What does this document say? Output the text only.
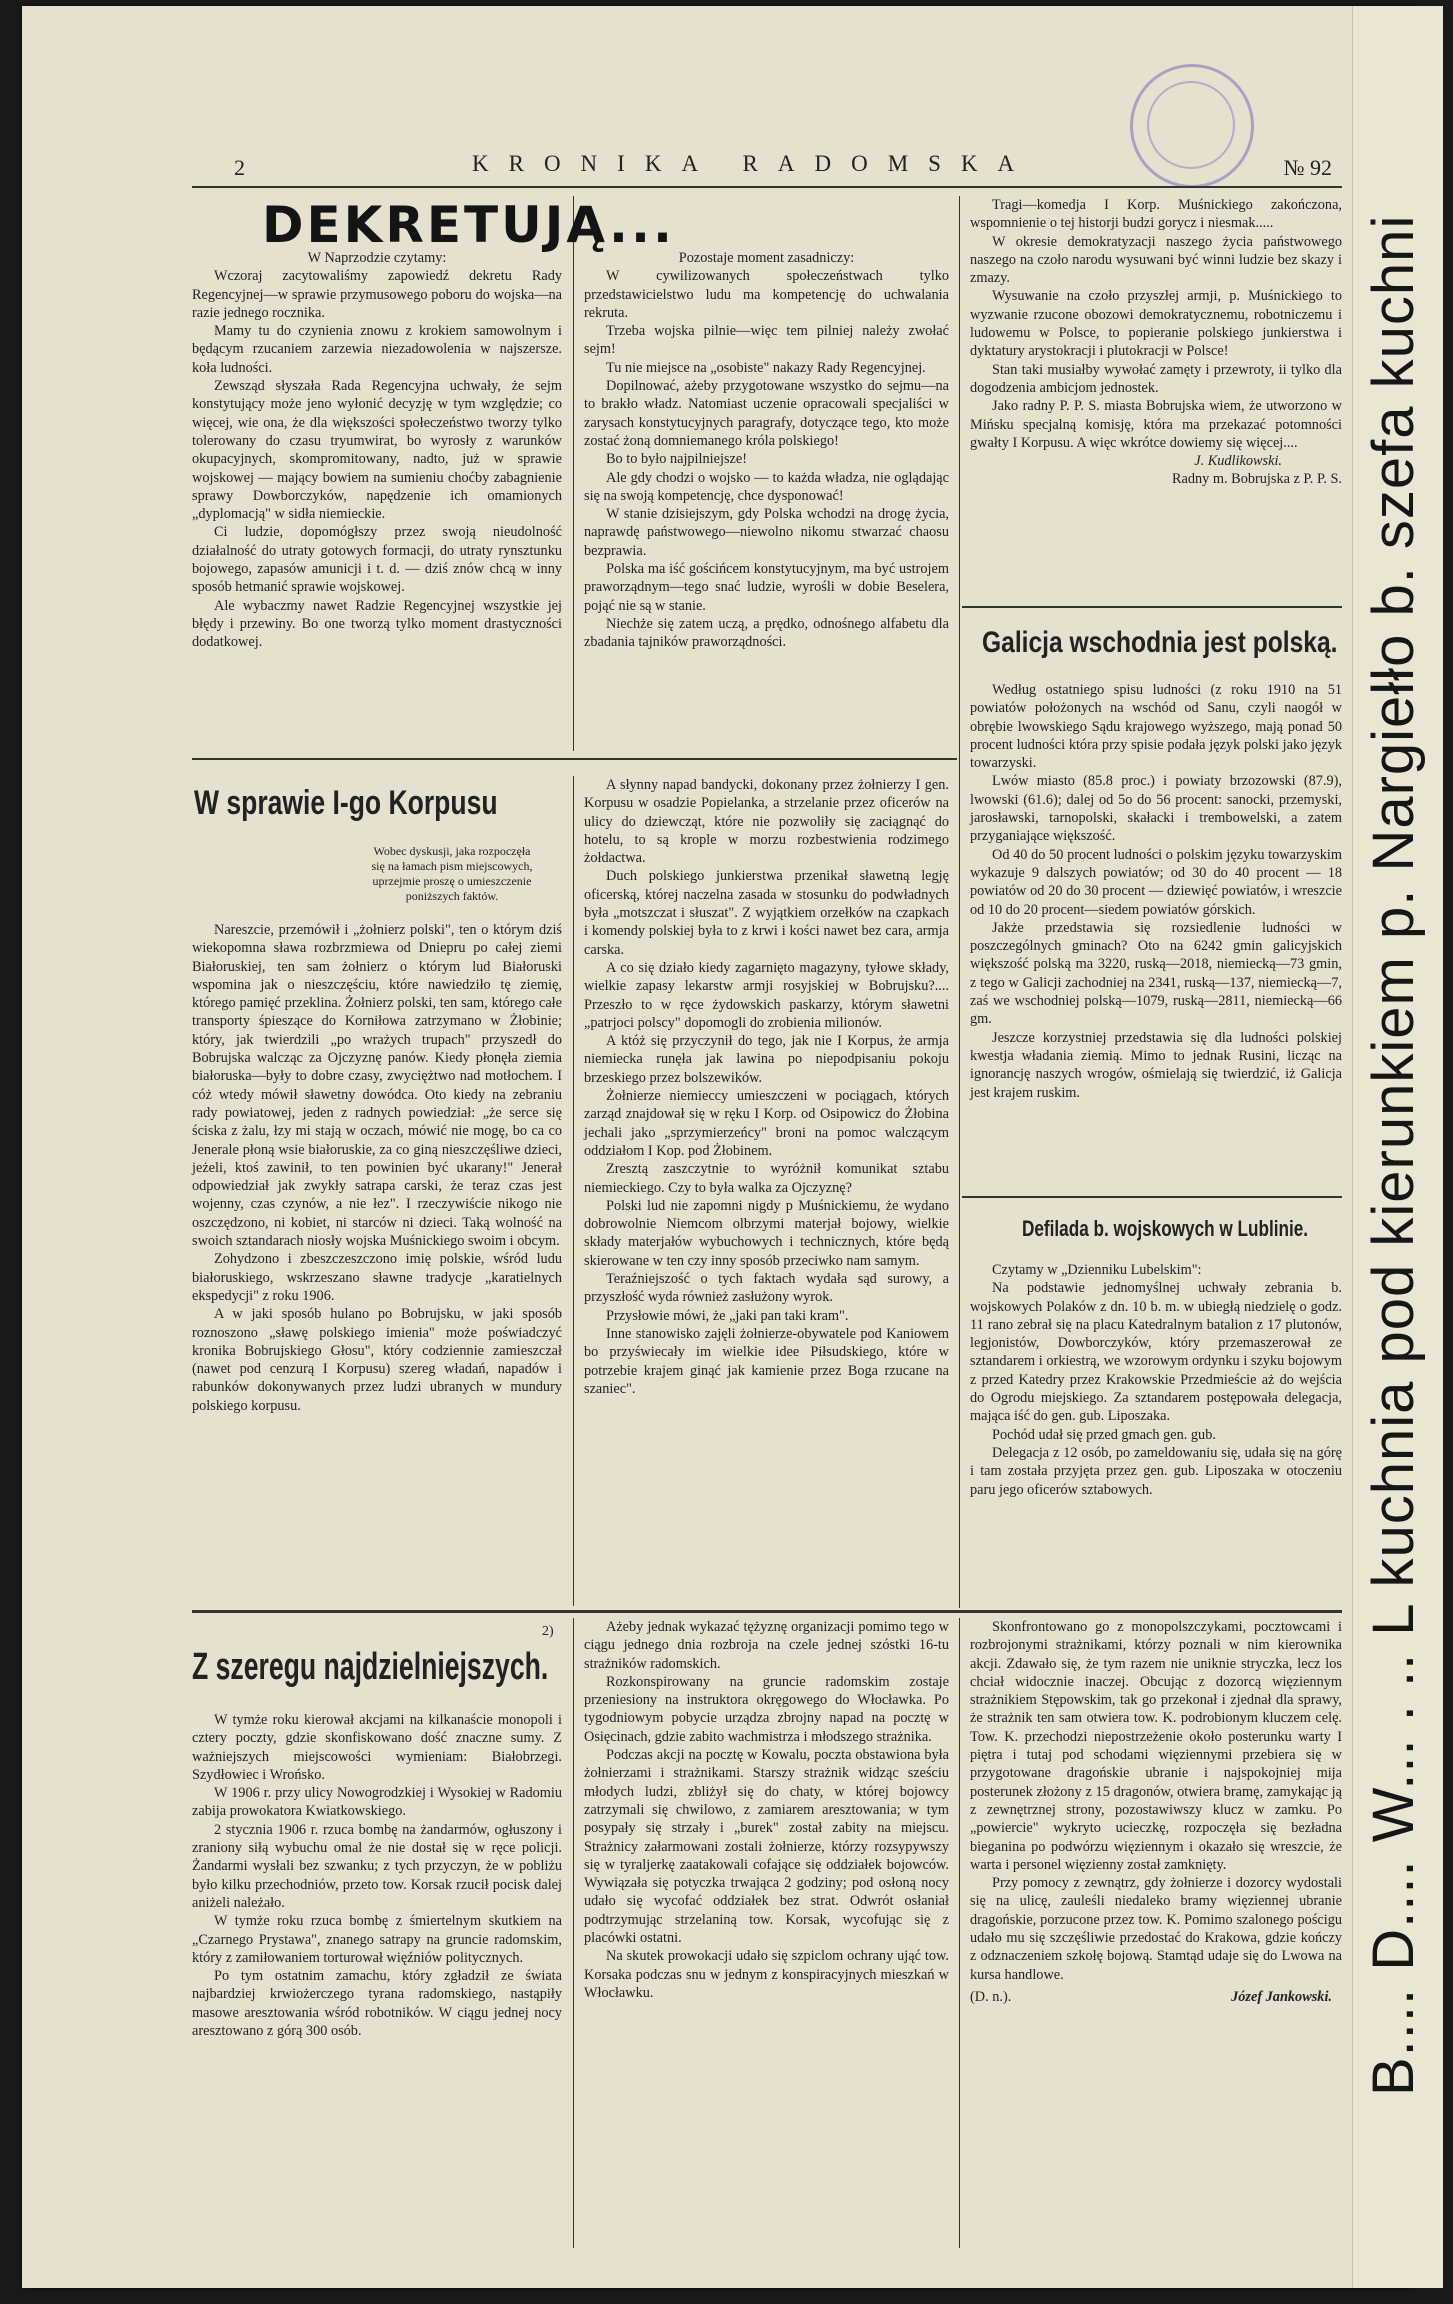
2	KRONIKA RADOMSKA	№ 92
DEKRETUJĄ...

W Naprzodzie czytamy:

Wczoraj zacytowaliśmy zapowiedź dekretu Rady Regencyjnej—w sprawie przymusowego poboru do wojska—na razie jednego rocznika.

Mamy tu do czynienia znowu z krokiem samowolnym i będącym rzucaniem zarzewia niezadowolenia w najszersze. koła ludności.

Zewsząd słyszała Rada Regencyjna uchwały, że sejm konstytujący może jeno wyłonić decyzję w tym względzie; co więcej, wie ona, że dla większości społeczeństwo tworzy tylko tolerowany do czasu tryumwirat, bo wyrosły z warunków okupacyjnych, skompromitowany, nadto, już w sprawie wojskowej — mający bowiem na sumieniu choćby zabagnienie sprawy Dowborczyków, napędzenie ich omamionych „dyplomacją" w sidła niemieckie.

Ci ludzie, dopomógłszy przez swoją nieudolność działalność do utraty gotowych formacji, do utraty rynsztunku bojowego, zapasów amunicji i t. d. — dziś znów chcą w inny sposób hetmanić sprawie wojskowej.

Ale wybaczmy nawet Radzie Regencyjnej wszystkie jej błędy i przewiny. Bo one tworzą tylko moment drastyczności dodatkowej.

Pozostaje moment zasadniczy:

W cywilizowanych społeczeństwach tylko przedstawicielstwo ludu ma kompetencję do uchwalania rekruta.

Trzeba wojska pilnie—więc tem pilniej należy zwołać sejm!

Tu nie miejsce na „osobiste" nakazy Rady Regencyjnej.

Dopilnować, ażeby przygotowane wszystko do sejmu—na to brakło władz. Natomiast uczenie opracowali specjaliści w zarysach konstytucyjnych paragrafy, dotyczące tego, kto może zostać żoną domniemanego króla polskiego!

Bo to było najpilniejsze!

Ale gdy chodzi o wojsko — to każda władza, nie oglądając się na swoją kompetencję, chce dysponować!

W stanie dzisiejszym, gdy Polska wchodzi na drogę życia, naprawdę państwowego—niewolno nikomu stwarzać chaosu bezprawia.

Polska ma iść gościńcem konstytucyjnym, ma być ustrojem praworządnym—tego snać ludzie, wyrośli w dobie Beselera, pojąć nie są w stanie.

Niechże się zatem uczą, a prędko, odnośnego alfabetu dla zbadania tajników praworządności.

Tragi—komedja I Korp. Muśnickiego zakończona, wspomnienie o tej historji budzi gorycz i niesmak.....

W okresie demokratyzacji naszego życia państwowego naszego na czoło narodu wysuwani być winni ludzie bez skazy i zmazy.

Wysuwanie na czoło przyszłej armji, p. Muśnickiego to wyzwanie rzucone obozowi demokratycznemu, robotniczemu i ludowemu w Polsce, to popieranie polskiego junkierstwa i dyktatury arystokracji i plutokracji w Polsce!

Stan taki musiałby wywołać zamęty i przewroty, ii tylko dla dogodzenia ambicjom jednostek.

Jako radny P. P. S. miasta Bobrujska wiem, że utworzono w Mińsku specjalną komisję, która ma przekazać potomności gwałty I Korpusu. A więc wkrótce dowiemy się więcej....

J. Kudlikowski.

Radny m. Bobrujska z P. P. S.

Galicja wschodnia jest polską.

Według ostatniego spisu ludności (z roku 1910 na 51 powiatów położonych na wschód od Sanu, czyli naogół w obrębie lwowskiego Sądu krajowego wyższego, mają ponad 50 procent ludności która przy spisie podała język polski jako język towarzyski.

Lwów miasto (85.8 proc.) i powiaty brzozowski (87.9), lwowski (61.6); dalej od 5o do 56 procent: sanocki, przemyski, jarosławski, tarnopolski, skałacki i trembowelski, a zatem przyganiające większość.

Od 40 do 50 procent ludności o polskim języku towarzyskim wykazuje 9 dalszych powiatów; od 30 do 40 procent — 18 powiatów od 20 do 30 procent — dziewięć powiatów, i wreszcie od 10 do 20 procent—siedem powiatów górskich.

Jakże przedstawia się rozsiedlenie ludności w poszczególnych gminach? Oto na 6242 gmin galicyjskich większość polską ma 3220, ruską—2018, niemiecką—73 gmin, z tego w Galicji zachodniej na 2341, ruską—137, niemiecką—7, zaś we wschodniej polską—1079, ruską—2811, niemiecką—66 gm.

Jeszcze korzystniej przedstawia się dla ludności polskiej kwestja władania ziemią. Mimo to jednak Rusini, licząc na ignorancję naszych wrogów, ośmielają się twierdzić, iż Galicja jest krajem ruskim.

Defilada b. wojskowych w Lublinie.

Czytamy w „Dzienniku Lubelskim":

Na podstawie jednomyślnej uchwały zebrania b. wojskowych Polaków z dn. 10 b. m. w ubiegłą niedzielę o godz. 11 rano zebrał się na placu Katedralnym batalion z 17 plutonów, legjonistów, Dowborczyków, który przemaszerował ze sztandarem i orkiestrą, we wzorowym ordynku i szyku bojowym z przed Katedry przez Krakowskie Przedmieście aż do wejścia do Ogrodu miejskiego. Za sztandarem postępowała delegacja, mająca iść do gen. gub. Liposzaka.

Pochód udał się przed gmach gen. gub.

Delegacja z 12 osób, po zameldowaniu się, udała się na górę i tam została przyjęta przez gen. gub. Liposzaka w otoczeniu paru jego oficerów sztabowych.

W sprawie I-go Korpusu
Wobec dyskusji, jaka rozpoczęła się na łamach pism miejscowych, uprzejmie proszę o umieszczenie poniższych faktów.

Nareszcie, przemówił i „żołnierz polski", ten o którym dziś wiekopomna sława rozbrzmiewa od Dniepru po całej ziemi Białoruskiej, ten sam żołnierz o którym lud Białoruski wspomina jak o nieszczęściu, które nawiedziło tę ziemię, którego pamięć przeklina. Żołnierz polski, ten sam, którego całe transporty śpieszące do Korniłowa zatrzymano w Żłobinie; który, jak twierdzili „po wrażych trupach" przyszedł do Bobrujska walcząc za Ojczyznę panów. Kiedy płonęła ziemia białoruska—były to dobre czasy, zwyciężtwo nad motłochem. I cóż wtedy mówił sławetny dowódca. Oto kiedy na zebraniu rady powiatowej, jeden z radnych powiedział: „że serce się ściska z żalu, łzy mi stają w oczach, mówić nie mogę, bo ca co Jenerale płoną wsie białoruskie, za co giną nieszczęśliwe dzieci, jeżeli, ktoś zawinił, to ten powinien być ukarany!" Jenerał odpowiedział jak zwykły satrapa carski, że teraz czas jest wojenny, czas czynów, a nie łez". I rzeczywiście nikogo nie oszczędzono, ni kobiet, ni starców ni dzieci. Taką wolność na swoich sztandarach niosły wojska Muśnickiego swoim i obcym.

Zohydzono i zbeszczeszczono imię polskie, wśród ludu białoruskiego, wskrzeszano sławne tradycje „karatielnych ekspedycji" z roku 1906.

A w jaki sposób hulano po Bobrujsku, w jaki sposób roznoszono „sławę polskiego imienia" może poświadczyć kronika Bobrujskiego Głosu", który codziennie zamieszczał (nawet pod cenzurą I Korpusu) szereg władań, napadów i rabunków dokonywanych przez ludzi ubranych w mundury polskiego korpusu.

A słynny napad bandycki, dokonany przez żołnierzy I gen. Korpusu w osadzie Popielanka, a strzelanie przez oficerów na ulicy do dziewcząt, które nie pozwoliły się zaciągnąć do hotelu, to są krople w morzu rozbestwienia rodzimego żołdactwa.

Duch polskiego junkierstwa przenikał sławetną legję oficerską, której naczelna zasada w stosunku do podwładnych była „motszczat i słuszat". Z wyjątkiem orzełków na czapkach i komendy polskiej była to z krwi i kości nawet bez cara, armja carska.

A co się działo kiedy zagarnięto magazyny, tyłowe składy, wielkie zapasy lekarstw armji rosyjskiej w Bobrujsku?.... Przeszło to w ręce żydowskich paskarzy, którym sławetni „patrjoci polscy" dopomogli do zrobienia milionów.

A któż się przyczynił do tego, jak nie I Korpus, że armja niemiecka runęła jak lawina po niepodpisaniu pokoju brzeskiego przez bolszewików.

Żołnierze niemieccy umieszczeni w pociągach, których zarząd znajdował się w ręku I Korp. od Osipowicz do Żłobina jechali jako „sprzymierzeńcy" broni na pomoc walczącym oddziałom I Kop. pod Żłobinem.

Zresztą zaszczytnie to wyróżnił komunikat sztabu niemieckiego. Czy to była walka za Ojczyznę?

Polski lud nie zapomni nigdy p Muśnickiemu, że wydano dobrowolnie Niemcom olbrzymi materjał bojowy, wielkie składy materjałów wybuchowych i technicznych, które będą skierowane w ten czy inny sposób przeciwko nam samym.

Teraźniejszość o tych faktach wydała sąd surowy, a przyszłość wyda również zasłużony wyrok.

Przysłowie mówi, że „jaki pan taki kram".

Inne stanowisko zajęli żołnierze-obywatele pod Kaniowem bo przyświecały im wielkie idee Piłsudskiego, które w potrzebie krajem ginąć jak kamienie przez Boga rzucane na szaniec".

2)
Z szeregu najdzielniejszych.

W tymże roku kierował akcjami na kilkanaście monopoli i cztery poczty, gdzie skonfiskowano dość znaczne sumy. Z ważniejszych miejscowości wymieniam: Białobrzegi. Szydłowiec i Wrońsko.

W 1906 r. przy ulicy Nowogrodzkiej i Wysokiej w Radomiu zabija prowokatora Kwiatkowskiego.

2 stycznia 1906 r. rzuca bombę na żandarmów, ogłuszony i zraniony siłą wybuchu omal że nie dostał się w ręce policji. Żandarmi wysłali bez szwanku; z tych przyczyn, że w pobliżu było kilku przechodniów, przeto tow. Korsak rzucił pocisk dalej aniżeli należało.

W tymże roku rzuca bombę z śmiertelnym skutkiem na „Czarnego Prystawa", znanego satrapy na gruncie radomskim, który z zamiłowaniem torturował więźniów politycznych.

Po tym ostatnim zamachu, który zgładził ze świata najbardziej krwiożerczego tyrana radomskiego, nastąpiły masowe aresztowania wśród robotników. W ciągu jednej nocy aresztowano z górą 300 osób.

Ażeby jednak wykazać tężyznę organizacji pomimo tego w ciągu jednego dnia rozbroja na czele jednej szóstki 16-tu strażników radomskich.

Rozkonspirowany na gruncie radomskim zostaje przeniesiony na instruktora okręgowego do Włocławka. Po tygodniowym pobycie urządza zbrojny napad na pocztę w Osięcinach, gdzie zabito wachmistrza i młodszego strażnika.

Podczas akcji na pocztę w Kowalu, poczta obstawiona była żołnierzami i strażnikami. Starszy strażnik widząc sześciu młodych ludzi, zbliżył się do chaty, w której bojowcy zatrzymali się chwilowo, z zamiarem aresztowania; w tym posypały się strzały i „burek" został zabity na miejscu. Strażnicy załarmowani zostali żołnierze, którzy rozsypywszy się w tyraljerkę zaatakowali cofające się oddziałek bojowców. Wywiązała się potyczka trwająca 2 godziny; pod osłoną nocy udało się wycofać oddziałek bez strat. Odwrót osłaniał podtrzymując strzelaniną tow. Korsak, wycofując się z placówki ostatni.

Na skutek prowokacji udało się szpiclom ochrany ująć tow. Korsaka podczas snu w jednym z konspiracyjnych mieszkań w Włocławku.

Skonfrontowano go z monopolszczykami, pocztowcami i rozbrojonymi strażnikami, którzy poznali w nim kierownika akcji. Zdawało się, że tym razem nie uniknie stryczka, lecz los chciał widocznie inaczej. Obcując z dozorcą więziennym strażnikiem Stępowskim, tak go przekonał i zjednał dla sprawy, że strażnik ten sam otwiera tow. K. podrobionym kluczem celę. Tow. K. przechodzi niepostrzeżenie około posterunku warty I piętra i tutaj pod schodami więziennymi przebiera się w przygotowane dragońskie ubranie i najspokojniej mija posterunek złożony z 15 dragonów, otwiera bramę, zamykając ją z zewnętrznej strony, pozostawiwszy klucz w zamku. Po „powiercie" wykryto ucieczkę, rozpoczęła się bezładna bieganina po podwórzu więziennym i okazało się wreszcie, że warta i personel więzienny został zamknięty.

Przy pomocy z zewnątrz, gdy żołnierze i dozorcy wydostali się na ulicę, zauleśli niedaleko bramy więziennej ubranie dragońskie, porzucone przez tow. K. Pomimo szalonego pościgu udało mu się szczęśliwie przedostać do Krakowa, gdzie kończy z odznaczeniem szkołę bojową. Stamtąd udaje się do Lwowa na kursa handlowe.

(D. n.).	Józef Jankowski. B.... D.... W... . .. L kuchnia pod kierunkiem p. Nargiełło b. szefa kuchni
